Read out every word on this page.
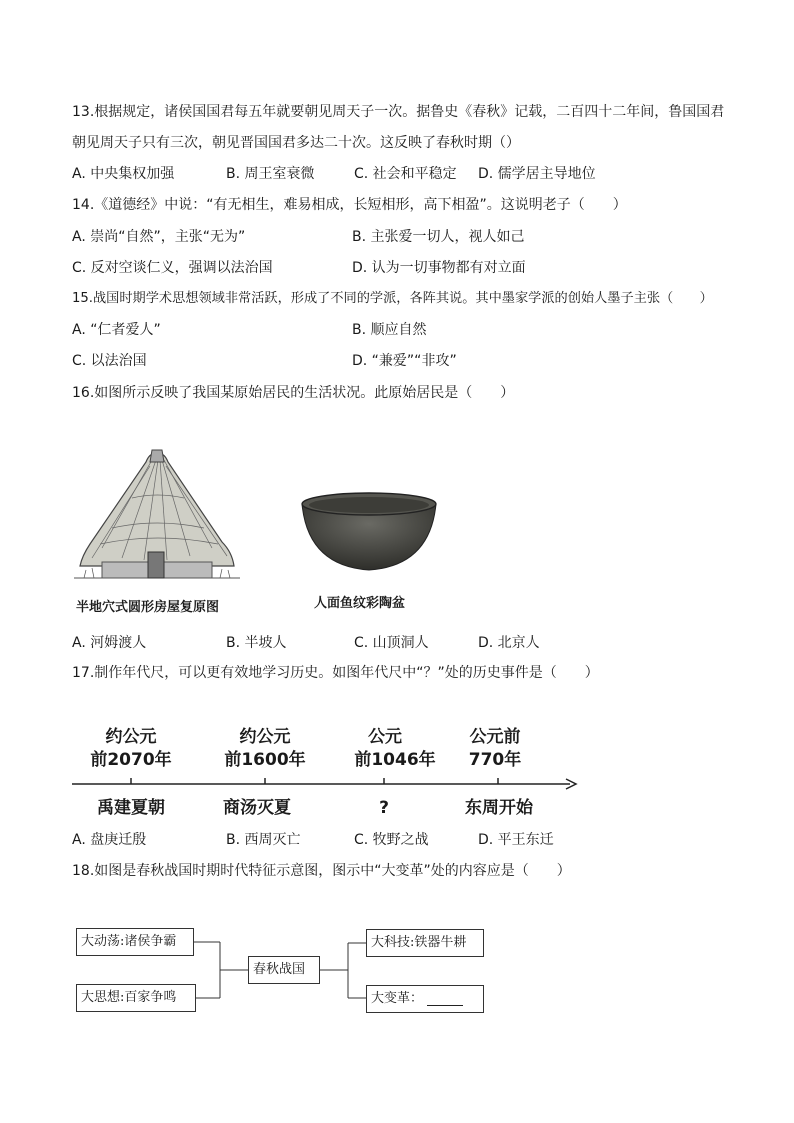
13.根据规定，诸侯国国君每五年就要朝见周天子一次。据鲁史《春秋》记载，二百四十二年间，鲁国国君
朝见周天子只有三次，朝见晋国国君多达二十次。这反映了春秋时期（）
A. 中央集权加强	B. 周王室衰微	C. 社会和平稳定 D. 儒学居主导地位
14.《道德经》中说：“有无相生，难易相成，长短相形，高下相盈”。这说明老子（　　）
A. 崇尚“自然”，主张“无为”	B. 主张爱一切人，视人如己
C. 反对空谈仁义，强调以法治国	D. 认为一切事物都有对立面
15.战国时期学术思想领域非常活跃，形成了不同的学派，各阵其说。其中墨家学派的创始人墨子主张（　　）
A. “仁者爱人”	B. 顺应自然
C. 以法治国	D. “兼爱”“非攻”
16.如图所示反映了我国某原始居民的生活状况。此原始居民是（　　）
半地穴式圆形房屋复原图	人面鱼纹彩陶盆
A. 河姆渡人	B. 半坡人	C. 山顶洞人	D. 北京人
17.制作年代尺，可以更有效地学习历史。如图年代尺中“？”处的历史事件是（　　）
约公元
前2070年
约公元
前1600年
公元
前1046年
公元前
770年
禹建夏朝	商汤灭夏	?	东周开始
A. 盘庚迁殷	B. 西周灭亡	C. 牧野之战	D. 平王东迁
18.如图是春秋战国时期时代特征示意图，图示中“大变革”处的内容应是（　　）
大动荡:诸侯争霸
大思想:百家争鸣
春秋战国
大科技:铁器牛耕
大变革：
